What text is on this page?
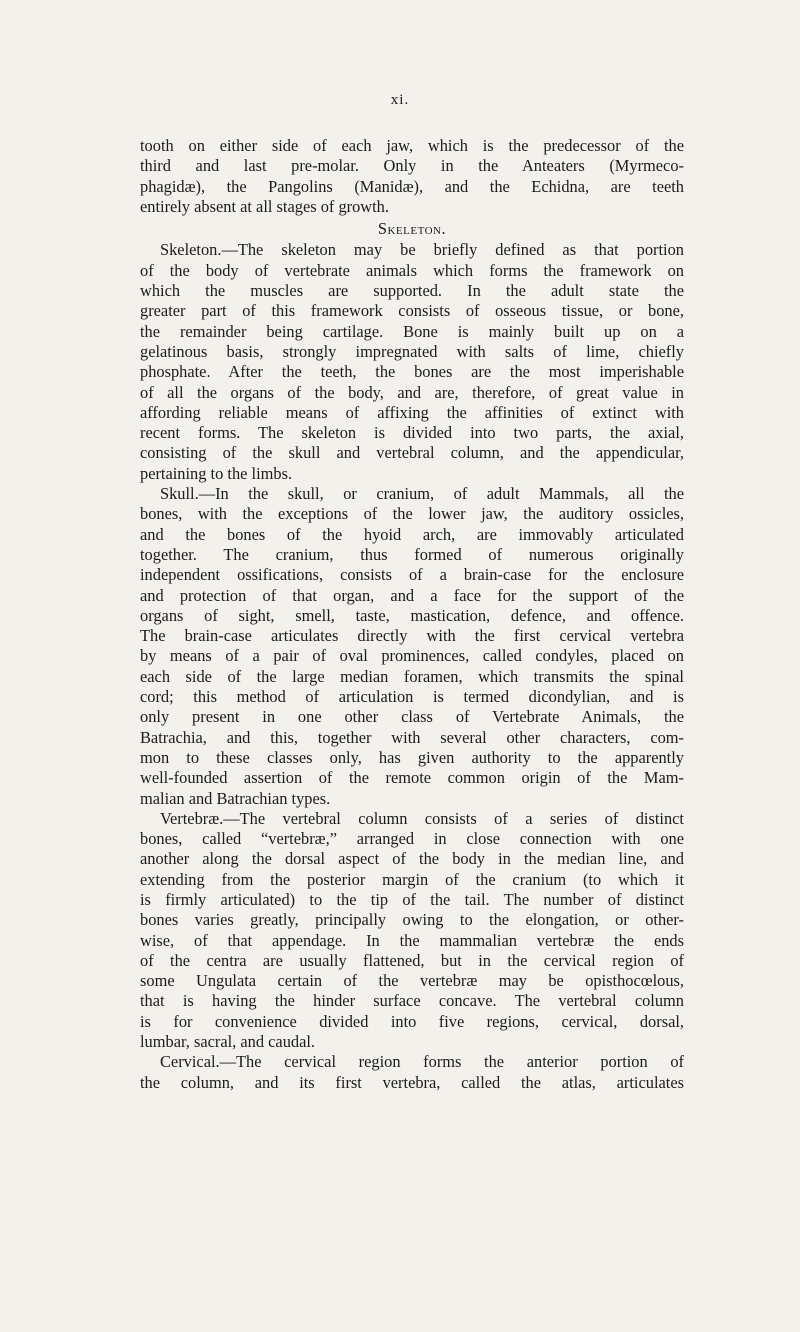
xi.
tooth on either side of each jaw, which is the predecessor of the
third and last pre-molar. Only in the Anteaters (Myrmeco-
phagidæ), the Pangolins (Manidæ), and the Echidna, are teeth
entirely absent at all stages of growth.
Skeleton.
Skeleton.—The skeleton may be briefly defined as that portion
of the body of vertebrate animals which forms the framework on
which the muscles are supported. In the adult state the
greater part of this framework consists of osseous tissue, or bone,
the remainder being cartilage. Bone is mainly built up on a
gelatinous basis, strongly impregnated with salts of lime, chiefly
phosphate. After the teeth, the bones are the most imperishable
of all the organs of the body, and are, therefore, of great value in
affording reliable means of affixing the affinities of extinct with
recent forms. The skeleton is divided into two parts, the axial,
consisting of the skull and vertebral column, and the appendicular,
pertaining to the limbs.
Skull.—In the skull, or cranium, of adult Mammals, all the
bones, with the exceptions of the lower jaw, the auditory ossicles,
and the bones of the hyoid arch, are immovably articulated
together. The cranium, thus formed of numerous originally
independent ossifications, consists of a brain-case for the enclosure
and protection of that organ, and a face for the support of the
organs of sight, smell, taste, mastication, defence, and offence.
The brain-case articulates directly with the first cervical vertebra
by means of a pair of oval prominences, called condyles, placed on
each side of the large median foramen, which transmits the spinal
cord; this method of articulation is termed dicondylian, and is
only present in one other class of Vertebrate Animals, the
Batrachia, and this, together with several other characters, com-
mon to these classes only, has given authority to the apparently
well-founded assertion of the remote common origin of the Mam-
malian and Batrachian types.
Vertebræ.—The vertebral column consists of a series of distinct
bones, called “vertebræ,” arranged in close connection with one
another along the dorsal aspect of the body in the median line, and
extending from the posterior margin of the cranium (to which it
is firmly articulated) to the tip of the tail. The number of distinct
bones varies greatly, principally owing to the elongation, or other-
wise, of that appendage. In the mammalian vertebræ the ends
of the centra are usually flattened, but in the cervical region of
some Ungulata certain of the vertebræ may be opisthocœlous,
that is having the hinder surface concave. The vertebral column
is for convenience divided into five regions, cervical, dorsal,
lumbar, sacral, and caudal.
Cervical.—The cervical region forms the anterior portion of
the column, and its first vertebra, called the atlas, articulates
